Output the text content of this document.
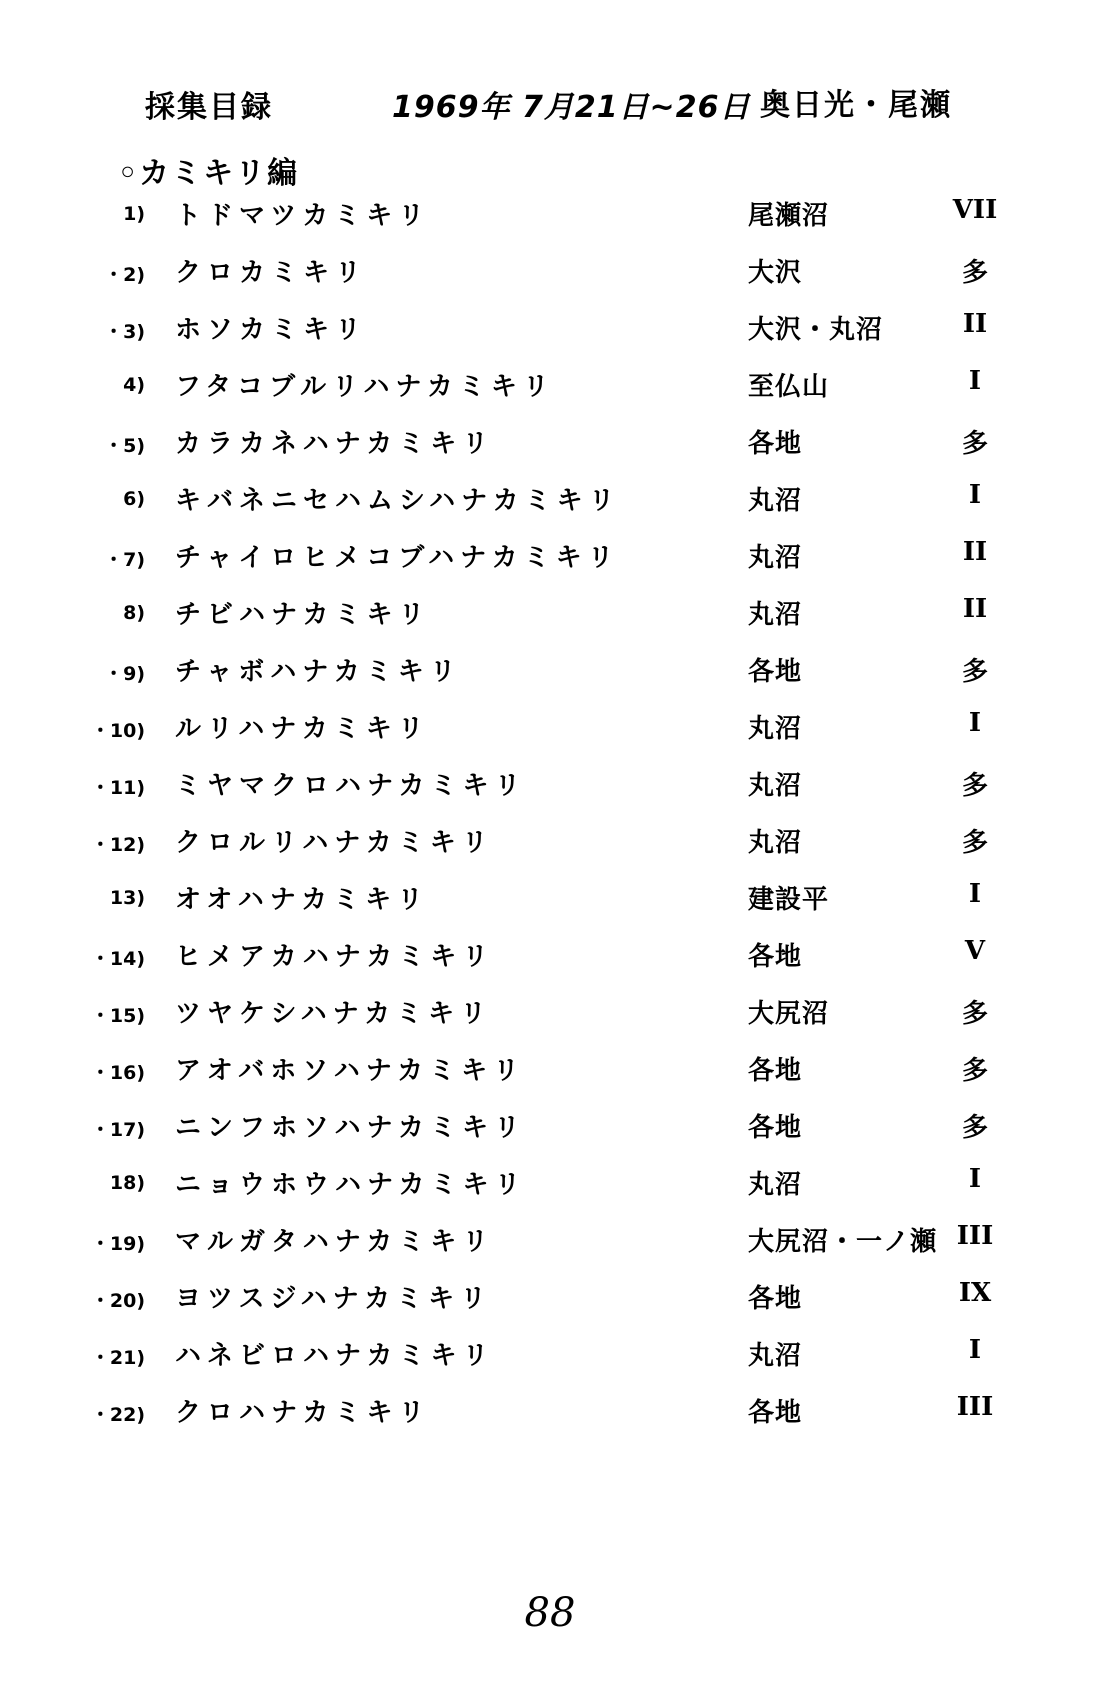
採集目録	1969年 7月21日~26日 奥日光・尾瀬
◦カミキリ編
1) トドマツカミキリ	尾瀬沼	VII
・2) クロカミキリ	大沢	多
・3) ホソカミキリ	大沢・丸沼	II
4) フタコブルリハナカミキリ	至仏山	I
・5) カラカネハナカミキリ	各地	多
6) キバネニセハムシハナカミキリ	丸沼	I
・7) チャイロヒメコブハナカミキリ	丸沼	II
8) チビハナカミキリ	丸沼	II
・9) チャボハナカミキリ	各地	多
・10) ルリハナカミキリ	丸沼	I
・11) ミヤマクロハナカミキリ	丸沼	多
・12) クロルリハナカミキリ	丸沼	多
13) オオハナカミキリ	建設平	I
・14) ヒメアカハナカミキリ	各地	V
・15) ツヤケシハナカミキリ	大尻沼	多
・16) アオバホソハナカミキリ	各地	多
・17) ニンフホソハナカミキリ	各地	多
18) ニョウホウハナカミキリ	丸沼	I
・19) マルガタハナカミキリ	大尻沼・一ノ瀬 III
・20) ヨツスジハナカミキリ	各地	IX
・21) ハネビロハナカミキリ	丸沼	I
・22) クロハナカミキリ	各地	III
88
